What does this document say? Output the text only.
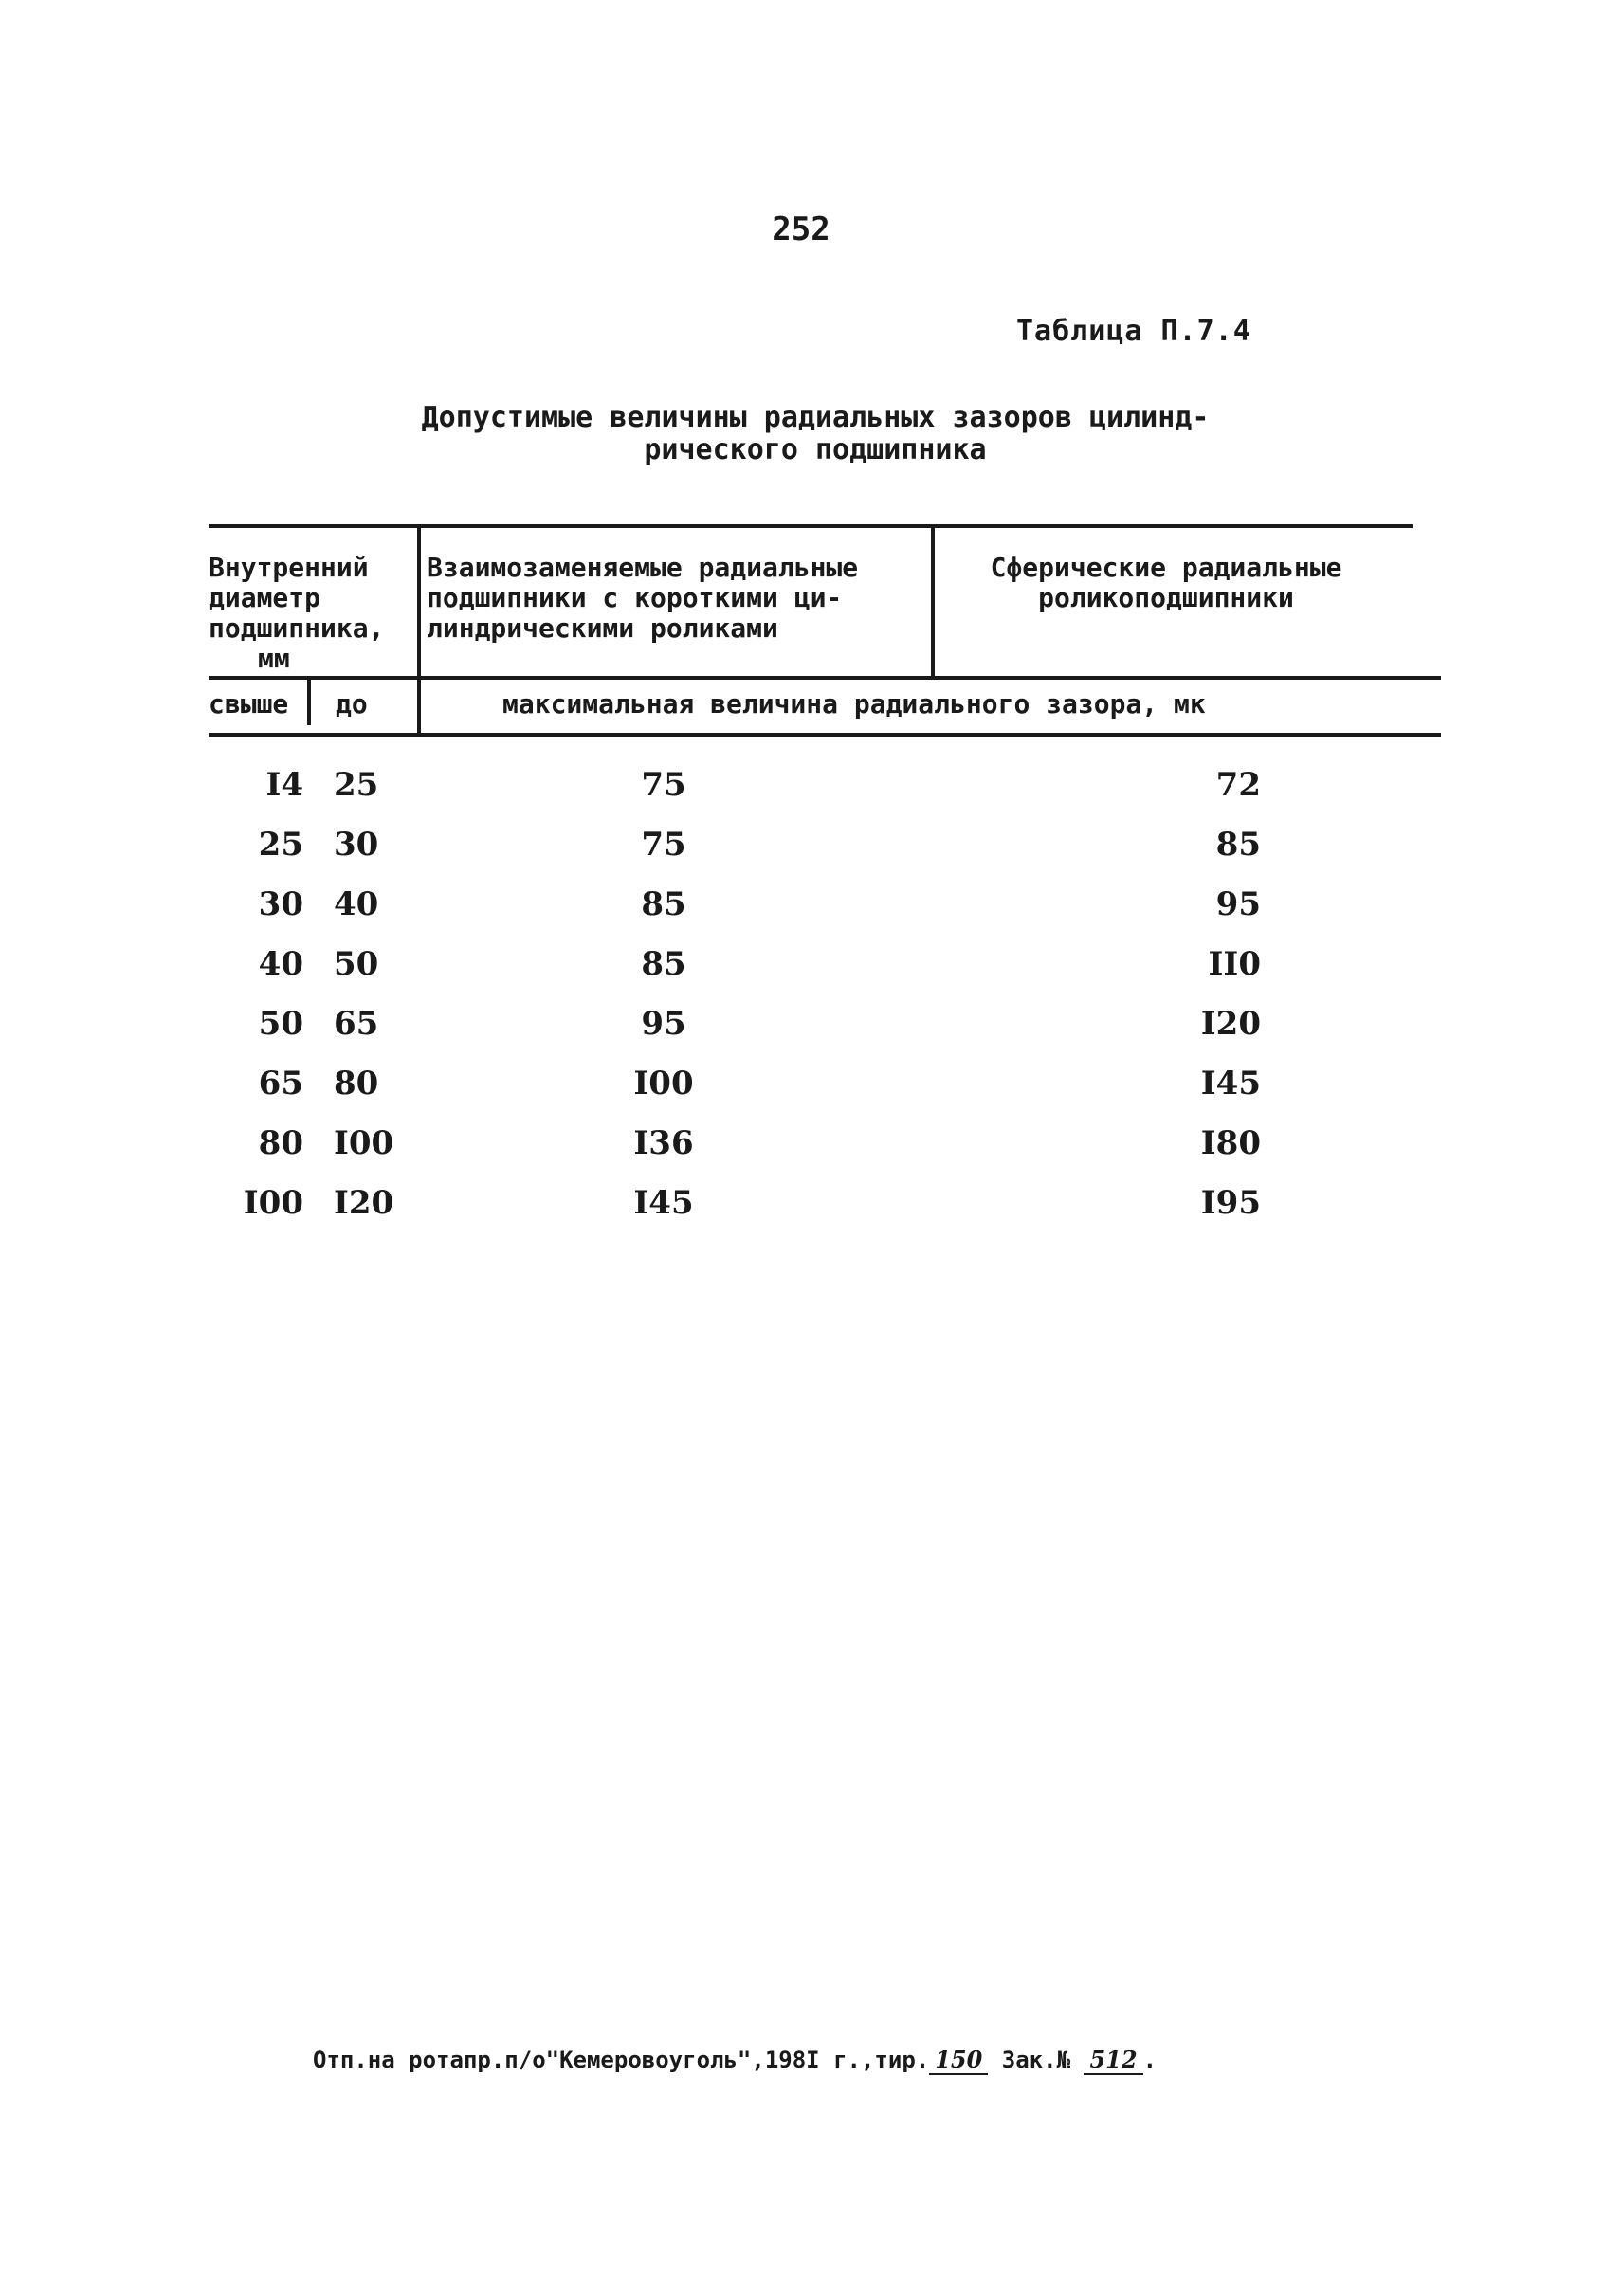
252
Таблица П.7.4
Допустимые величины радиальных зазоров цилинд-
рического подшипника
Внутренний
диаметр
подшипника,
мм
Взаимозаменяемые радиальные
подшипники с короткими ци-
линдрическими роликами
Сферические радиальные
роликоподшипники
свыше до	максимальная величина радиального зазора, мк
I4 25	75	72
25 30	75	85
30 40	85	95
40 50	85	II0
50 65	95	I20
65 80	I00	I45
80 I00	I36	I80
I00 I20	I45	I95
Отп.на ротапр.п/о"Кемеровоуголь",198I г.,тир. 150 Зак.№ 512 .
